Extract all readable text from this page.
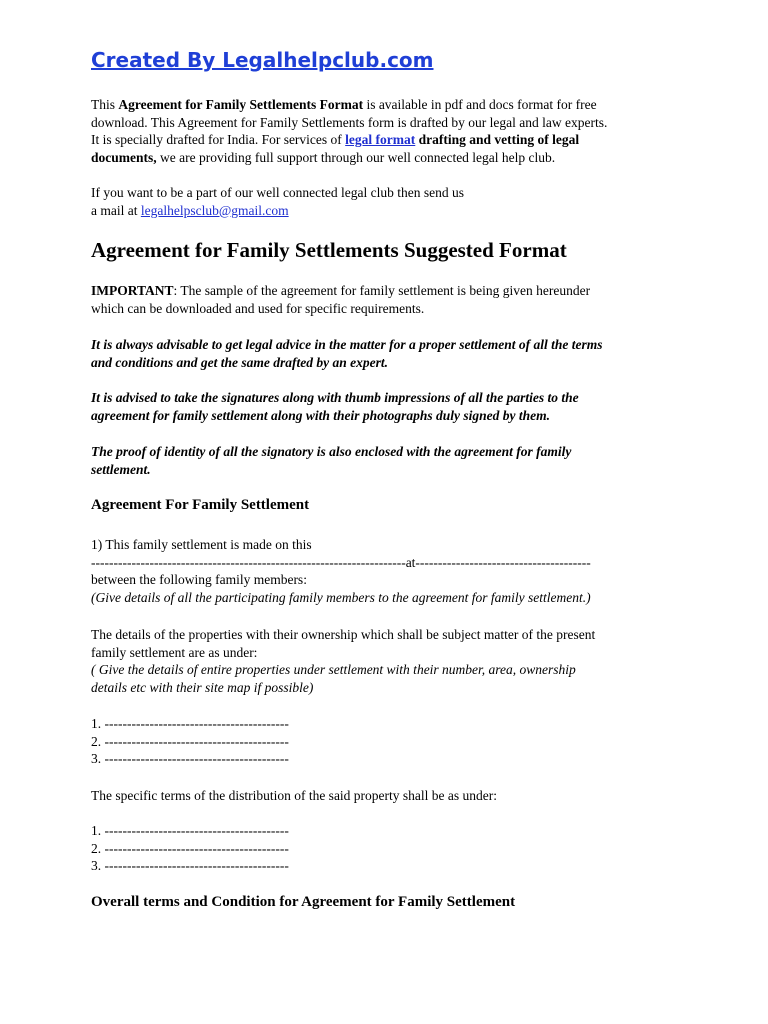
Created By Legalhelpclub.com
This Agreement for Family Settlements Format is available in pdf and docs format for free
download. This Agreement for Family Settlements form is drafted by our legal and law experts.
It is specially drafted for India. For services of legal format drafting and vetting of legal
documents, we are providing full support through our well connected legal help club.
If you want to be a part of our well connected legal club then send us
a mail at legalhelpsclub@gmail.com
Agreement for Family Settlements Suggested Format
IMPORTANT: The sample of the agreement for family settlement is being given hereunder
which can be downloaded and used for specific requirements.
It is always advisable to get legal advice in the matter for a proper settlement of all the terms
and conditions and get the same drafted by an expert.
It is advised to take the signatures along with thumb impressions of all the parties to the
agreement for family settlement along with their photographs duly signed by them.
The proof of identity of all the signatory is also enclosed with the agreement for family
settlement.
Agreement For Family Settlement
1) This family settlement is made on this
----------------------------------------------------------------------at---------------------------------------
between the following family members:
(Give details of all the participating family members to the agreement for family settlement.)
The details of the properties with their ownership which shall be subject matter of the present
family settlement are as under:
( Give the details of entire properties under settlement with their number, area, ownership
details etc with their site map if possible)
1. -----------------------------------------
2. -----------------------------------------
3. -----------------------------------------
The specific terms of the distribution of the said property shall be as under:
1. -----------------------------------------
2. -----------------------------------------
3. -----------------------------------------
Overall terms and Condition for Agreement for Family Settlement
